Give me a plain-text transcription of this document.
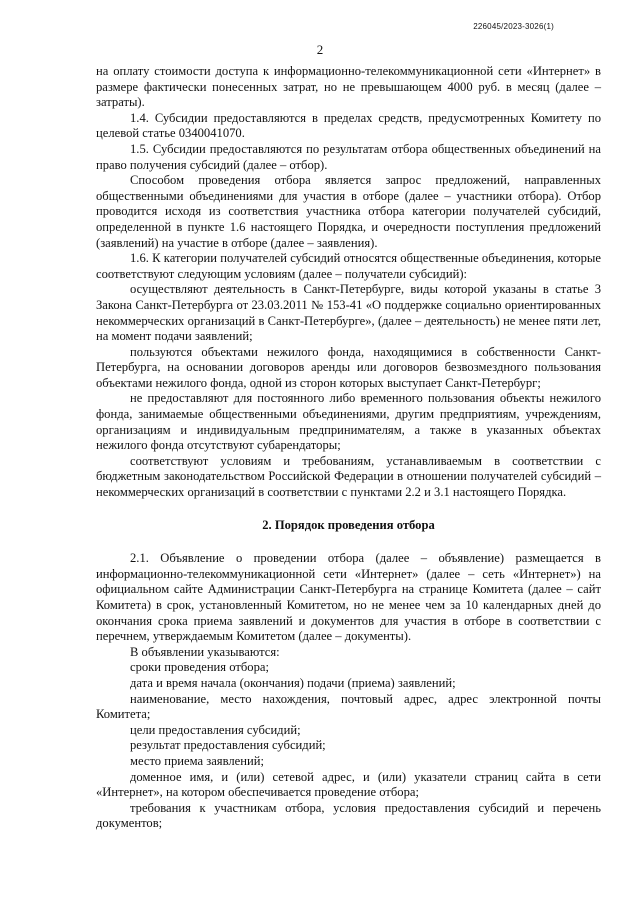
226045/2023-3026(1)
2

на оплату стоимости доступа к информационно-телекоммуникационной сети «Интернет» в размере фактически понесенных затрат, но не превышающем 4000 руб. в месяц (далее – затраты).

1.4. Субсидии предоставляются в пределах средств, предусмотренных Комитету по целевой статье 0340041070.

1.5. Субсидии предоставляются по результатам отбора общественных объединений на право получения субсидий (далее – отбор).

Способом проведения отбора является запрос предложений, направленных общественными объединениями для участия в отборе (далее – участники отбора). Отбор проводится исходя из соответствия участника отбора категории получателей субсидий, определенной в пункте 1.6 настоящего Порядка, и очередности поступления предложений (заявлений) на участие в отборе (далее – заявления).

1.6. К категории получателей субсидий относятся общественные объединения, которые соответствуют следующим условиям (далее – получатели субсидий):

осуществляют деятельность в Санкт-Петербурге, виды которой указаны в статье 3 Закона Санкт-Петербурга от 23.03.2011 № 153-41 «О поддержке социально ориентированных некоммерческих организаций в Санкт-Петербурге», (далее – деятельность) не менее пяти лет, на момент подачи заявлений;

пользуются объектами нежилого фонда, находящимися в собственности Санкт-Петербурга, на основании договоров аренды или договоров безвозмездного пользования объектами нежилого фонда, одной из сторон которых выступает Санкт-Петербург;

не предоставляют для постоянного либо временного пользования объекты нежилого фонда, занимаемые общественными объединениями, другим предприятиям, учреждениям, организациям и индивидуальным предпринимателям, а также в указанных объектах нежилого фонда отсутствуют субарендаторы;

соответствуют условиям и требованиям, устанавливаемым в соответствии с бюджетным законодательством Российской Федерации в отношении получателей субсидий – некоммерческих организаций в соответствии с пунктами 2.2 и 3.1 настоящего Порядка.

2. Порядок проведения отбора

2.1. Объявление о проведении отбора (далее – объявление) размещается в информационно-телекоммуникационной сети «Интернет» (далее – сеть «Интернет») на официальном сайте Администрации Санкт-Петербурга на странице Комитета (далее – сайт Комитета) в срок, установленный Комитетом, но не менее чем за 10 календарных дней до окончания срока приема заявлений и документов для участия в отборе в соответствии с перечнем, утверждаемым Комитетом (далее – документы).

В объявлении указываются:

сроки проведения отбора;

дата и время начала (окончания) подачи (приема) заявлений;

наименование, место нахождения, почтовый адрес, адрес электронной почты Комитета;

цели предоставления субсидий;

результат предоставления субсидий;

место приема заявлений;

доменное имя, и (или) сетевой адрес, и (или) указатели страниц сайта в сети «Интернет», на котором обеспечивается проведение отбора;

требования к участникам отбора, условия предоставления субсидий и перечень документов;
